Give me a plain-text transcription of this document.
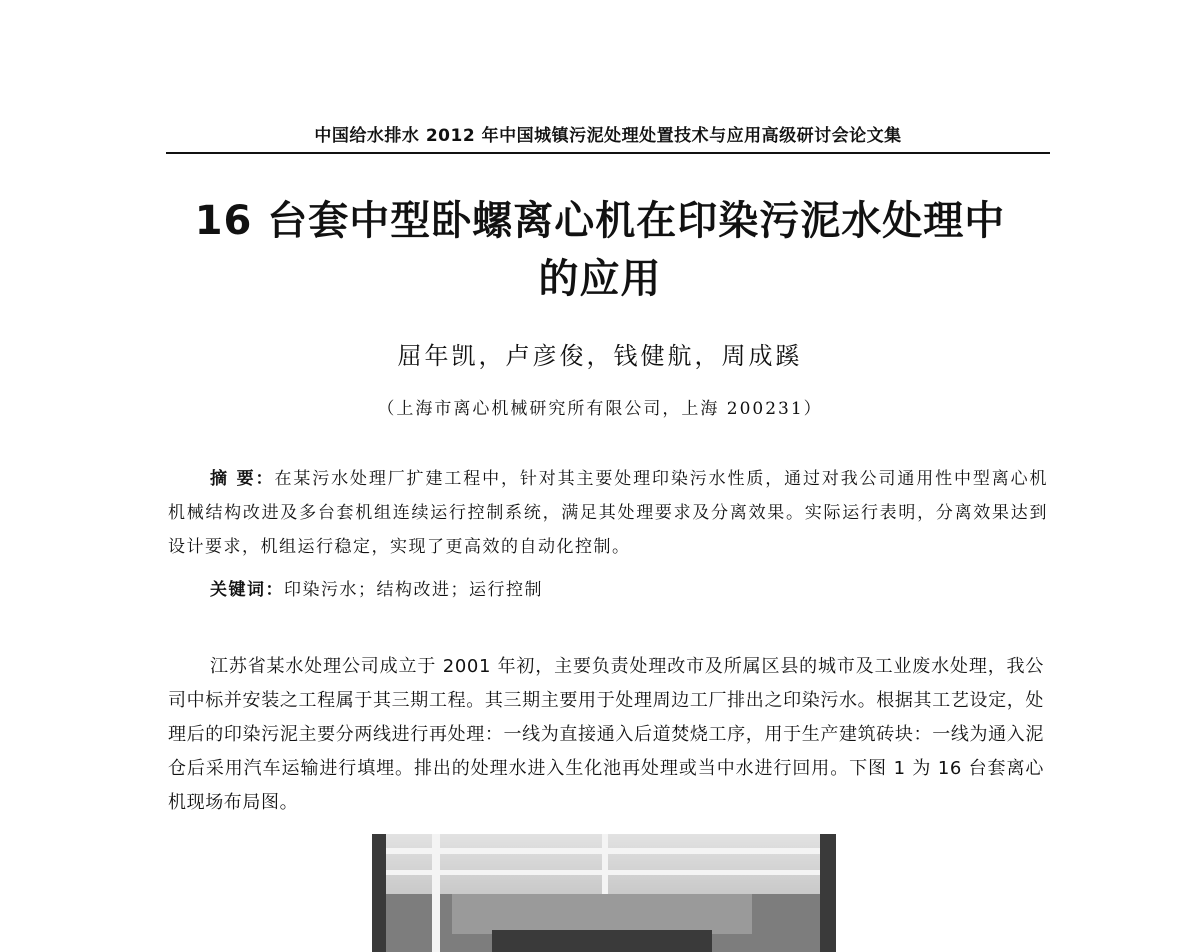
中国给水排水 2012 年中国城镇污泥处理处置技术与应用高级研讨会论文集
16 台套中型卧螺离心机在印染污泥水处理中
的应用
屈年凯，卢彦俊，钱健航，周成蹊
（上海市离心机械研究所有限公司，上海 200231）
摘 要：在某污水处理厂扩建工程中，针对其主要处理印染污水性质，通过对我公司通用性中型离心机机械结构改进及多台套机组连续运行控制系统，满足其处理要求及分离效果。实际运行表明，分离效果达到设计要求，机组运行稳定，实现了更高效的自动化控制。
关键词：印染污水；结构改进；运行控制
江苏省某水处理公司成立于 2001 年初，主要负责处理改市及所属区县的城市及工业废水处理，我公司中标并安装之工程属于其三期工程。其三期主要用于处理周边工厂排出之印染污水。根据其工艺设定，处理后的印染污泥主要分两线进行再处理：一线为直接通入后道焚烧工序，用于生产建筑砖块：一线为通入泥仓后采用汽车运输进行填埋。排出的处理水进入生化池再处理或当中水进行回用。下图 1 为 16 台套离心机现场布局图。
